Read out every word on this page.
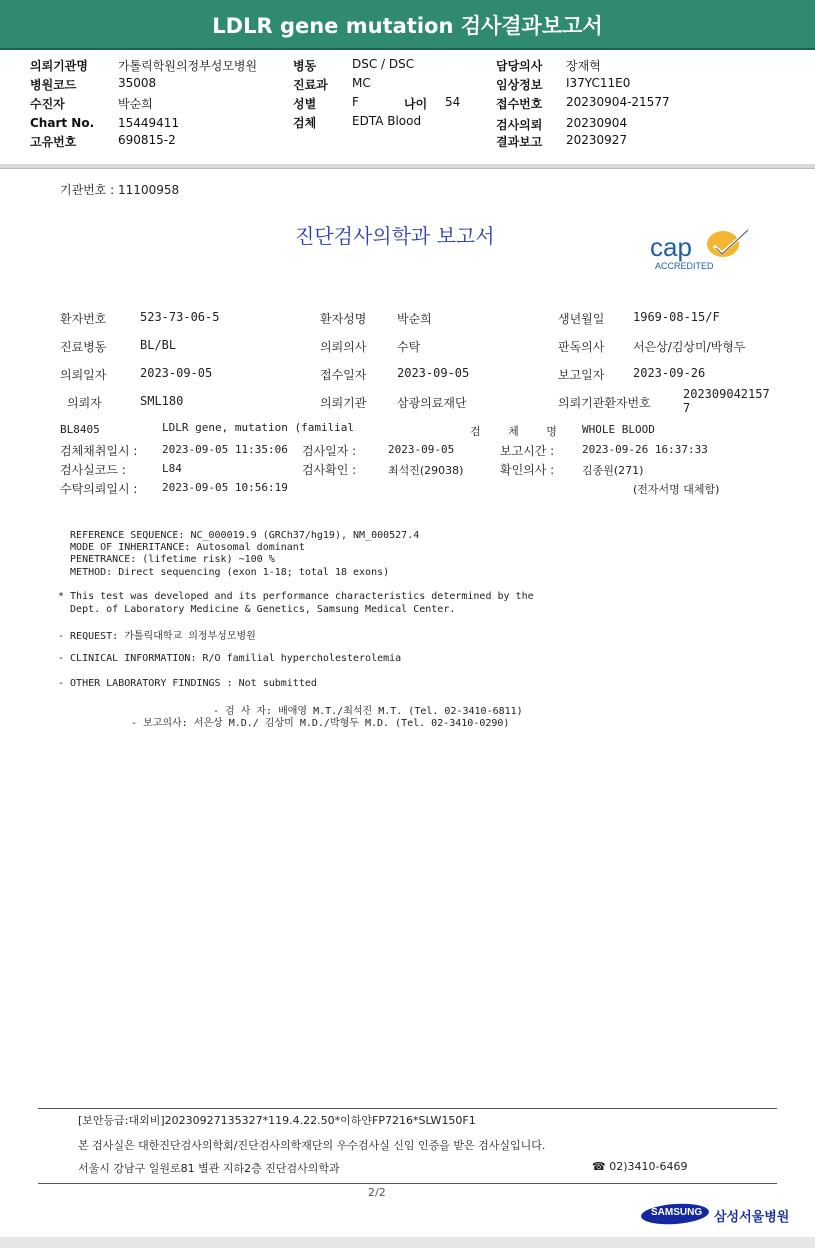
LDLR gene mutation 검사결과보고서
의뢰기관명	가톨릭학원의정부성모병원
병원코드	35008
수진자	박순희
Chart No. 15449411
고유번호	690815-2
병동	DSC / DSC
진료과 MC
성별	F	나이 54
검체	EDTA Blood
담당의사 장재혁
임상정보 I37YC11E0
접수번호 20230904-21577
검사의뢰 20230904
결과보고 20230927
기관번호 : 11100958
진단검사의학과 보고서	cap
ACCREDITED
환자번호	523-73-06-5	환자성명	박순희	생년월일 1969-08-15/F
진료병동	BL/BL	의뢰의사	수탁	판독의사 서은상/김상미/박형두
의뢰일자	2023-09-05	접수일자	2023-09-05	보고일자 2023-09-26
의뢰자	SML180	의뢰기관	삼광의료재단	의뢰기관환자번호
202309042157
7
BL8405	LDLR gene, mutation (familial	검 체 명 WHOLE BLOOD
검체채취일시 : 2023-09-05 11:35:06 검사일자 :	2023-09-05	보고시간 :	2023-09-26 16:37:33
검사실코드 :	L84	검사확인 :	최석진(29038)	확인의사 :	김종원(271)
수탁의뢰일시 : 2023-09-05 10:56:19	(전자서명 대체함)
REFERENCE SEQUENCE: NC_000019.9 (GRCh37/hg19), NM_000527.4
MODE OF INHERITANCE: Autosomal dominant
PENETRANCE: (lifetime risk) ~100 %
METHOD: Direct sequencing (exon 1-18; total 18 exons)
* This test was developed and its performance characteristics determined by the
Dept. of Laboratory Medicine & Genetics, Samsung Medical Center.
- REQUEST: 가톨릭대학교 의정부성모병원
- CLINICAL INFORMATION: R/O familial hypercholesterolemia
- OTHER LABORATORY FINDINGS : Not submitted
- 검 사 자: 배애영 M.T./최석진 M.T. (Tel. 02-3410-6811)
- 보고의사: 서은상 M.D./ 김상미 M.D./박형두 M.D. (Tel. 02-3410-0290)
[보안등급:대외비]20230927135327*119.4.22.50*이하얀FP7216*SLW150F1
본 검사실은 대한진단검사의학회/진단검사의학재단의 우수검사실 신임 인증을 받은 검사실입니다.
서울시 강남구 일원로81 별관 지하2층 진단검사의학과	☎ 02)3410-6469
2/2
SAMSUNG 삼성서울병원
